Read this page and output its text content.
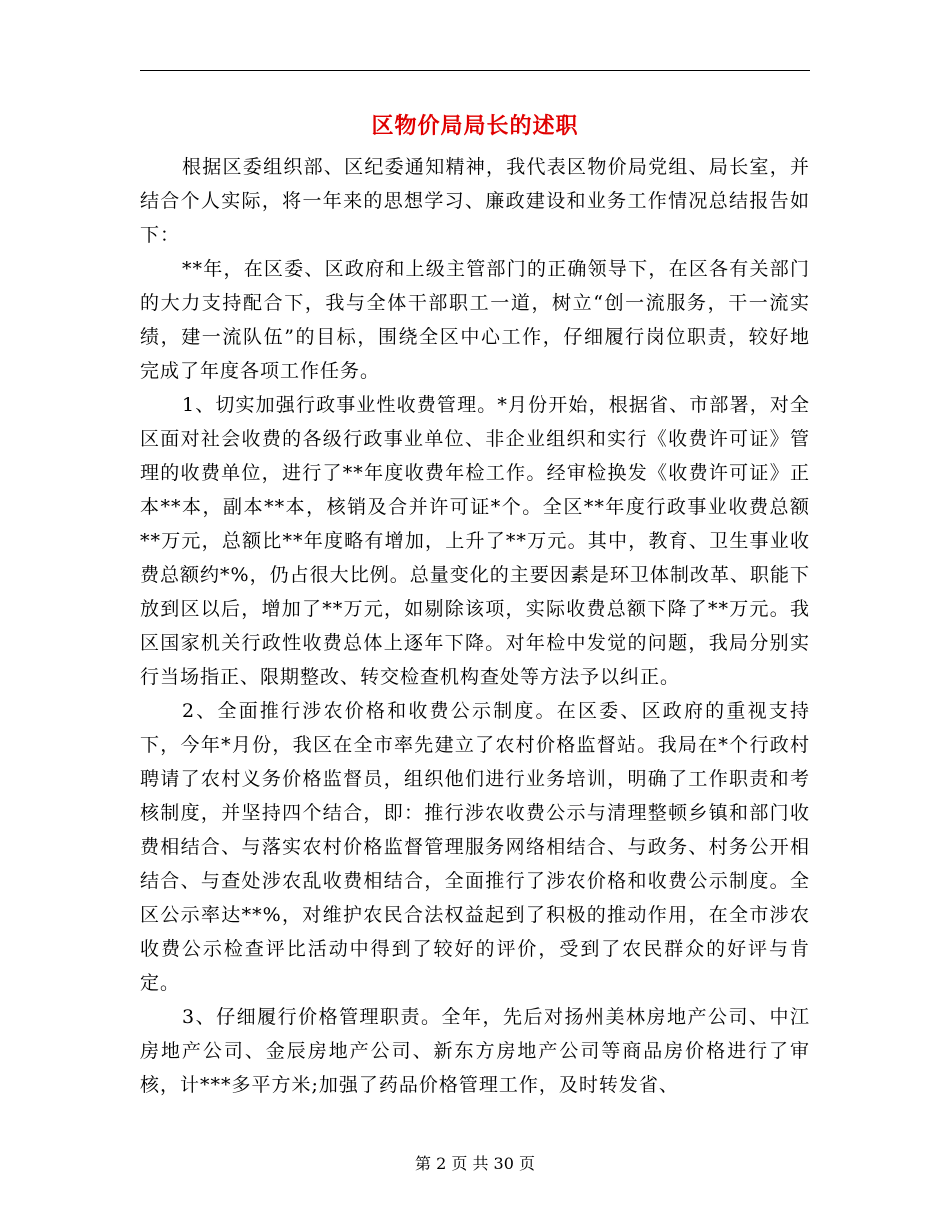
区物价局局长的述职

根据区委组织部、区纪委通知精神，我代表区物价局党组、局长室，并结合个人实际，将一年来的思想学习、廉政建设和业务工作情况总结报告如下：

**年，在区委、区政府和上级主管部门的正确领导下，在区各有关部门的大力支持配合下，我与全体干部职工一道，树立“创一流服务，干一流实绩，建一流队伍”的目标，围绕全区中心工作，仔细履行岗位职责，较好地完成了年度各项工作任务。

1、切实加强行政事业性收费管理。*月份开始，根据省、市部署，对全区面对社会收费的各级行政事业单位、非企业组织和实行《收费许可证》管理的收费单位，进行了**年度收费年检工作。经审检换发《收费许可证》正本**本，副本**本，核销及合并许可证*个。全区**年度行政事业收费总额**万元，总额比**年度略有增加，上升了**万元。其中，教育、卫生事业收费总额约*%，仍占很大比例。总量变化的主要因素是环卫体制改革、职能下放到区以后，增加了**万元，如剔除该项，实际收费总额下降了**万元。我区国家机关行政性收费总体上逐年下降。对年检中发觉的问题，我局分别实行当场指正、限期整改、转交检查机构查处等方法予以纠正。

2、全面推行涉农价格和收费公示制度。在区委、区政府的重视支持下，今年*月份，我区在全市率先建立了农村价格监督站。我局在*个行政村聘请了农村义务价格监督员，组织他们进行业务培训，明确了工作职责和考核制度，并坚持四个结合，即：推行涉农收费公示与清理整顿乡镇和部门收费相结合、与落实农村价格监督管理服务网络相结合、与政务、村务公开相结合、与查处涉农乱收费相结合，全面推行了涉农价格和收费公示制度。全区公示率达**%，对维护农民合法权益起到了积极的推动作用，在全市涉农收费公示检查评比活动中得到了较好的评价，受到了农民群众的好评与肯定。

3、仔细履行价格管理职责。全年，先后对扬州美林房地产公司、中江房地产公司、金辰房地产公司、新东方房地产公司等商品房价格进行了审核，计***多平方米;加强了药品价格管理工作，及时转发省、

第 2 页 共 30 页
